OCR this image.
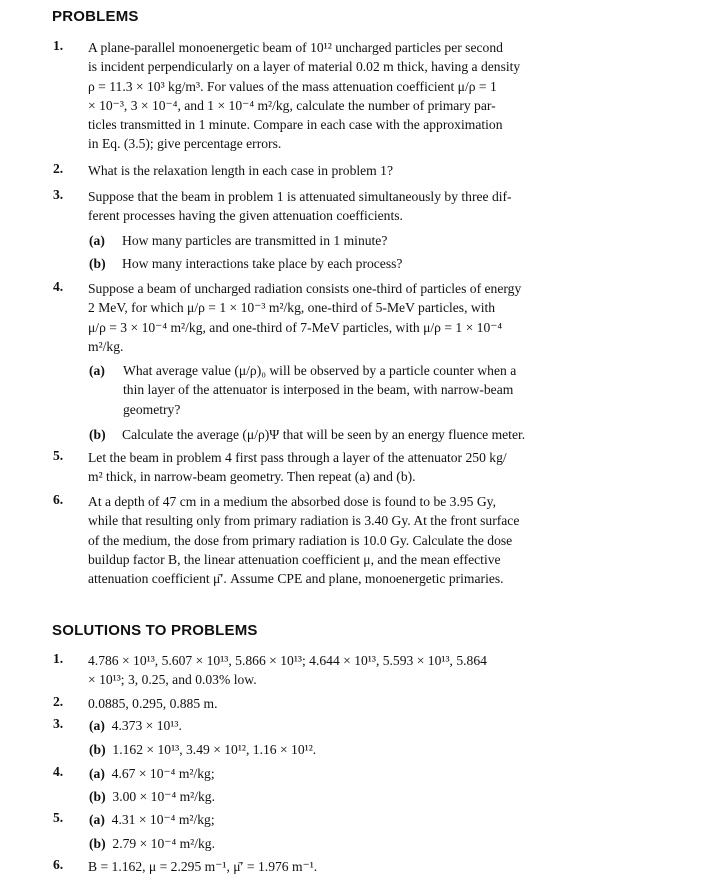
PROBLEMS
1. A plane-parallel monoenergetic beam of 10¹² uncharged particles per second
is incident perpendicularly on a layer of material 0.02 m thick, having a density
ρ = 11.3 × 10³ kg/m³. For values of the mass attenuation coefficient μ/ρ = 1
× 10⁻³, 3 × 10⁻⁴, and 1 × 10⁻⁴ m²/kg, calculate the number of primary par-
ticles transmitted in 1 minute. Compare in each case with the approximation
in Eq. (3.5); give percentage errors.
2. What is the relaxation length in each case in problem 1?
3. Suppose that the beam in problem 1 is attenuated simultaneously by three dif-
ferent processes having the given attenuation coefficients.
(a) How many particles are transmitted in 1 minute?
(b) How many interactions take place by each process?
4. Suppose a beam of uncharged radiation consists one-third of particles of energy
2 MeV, for which μ/ρ = 1 × 10⁻³ m²/kg, one-third of 5-MeV particles, with
μ/ρ = 3 × 10⁻⁴ m²/kg, and one-third of 7-MeV particles, with μ/ρ = 1 × 10⁻⁴
m²/kg.
(a)	What average value (μ/ρ)₀ will be observed by a particle counter when a
thin layer of the attenuator is interposed in the beam, with narrow-beam
geometry?
(b) Calculate the average (μ/ρ)Ψ that will be seen by an energy fluence meter.
5. Let the beam in problem 4 first pass through a layer of the attenuator 250 kg/
m² thick, in narrow-beam geometry. Then repeat (a) and (b).
6. At a depth of 47 cm in a medium the absorbed dose is found to be 3.95 Gy,
while that resulting only from primary radiation is 3.40 Gy. At the front surface
of the medium, the dose from primary radiation is 10.0 Gy. Calculate the dose
buildup factor B, the linear attenuation coefficient μ, and the mean effective
attenuation coefficient μ̄′. Assume CPE and plane, monoenergetic primaries.
SOLUTIONS TO PROBLEMS
1. 4.786 × 10¹³, 5.607 × 10¹³, 5.866 × 10¹³; 4.644 × 10¹³, 5.593 × 10¹³, 5.864
× 10¹³; 3, 0.25, and 0.03% low.
2. 0.0885, 0.295, 0.885 m.
3. (a) 4.373 × 10¹³.
(b) 1.162 × 10¹³, 3.49 × 10¹², 1.16 × 10¹².
4. (a) 4.67 × 10⁻⁴ m²/kg;
(b) 3.00 × 10⁻⁴ m²/kg.
5. (a) 4.31 × 10⁻⁴ m²/kg;
(b) 2.79 × 10⁻⁴ m²/kg.
6. B = 1.162, μ = 2.295 m⁻¹, μ̄′ = 1.976 m⁻¹.
